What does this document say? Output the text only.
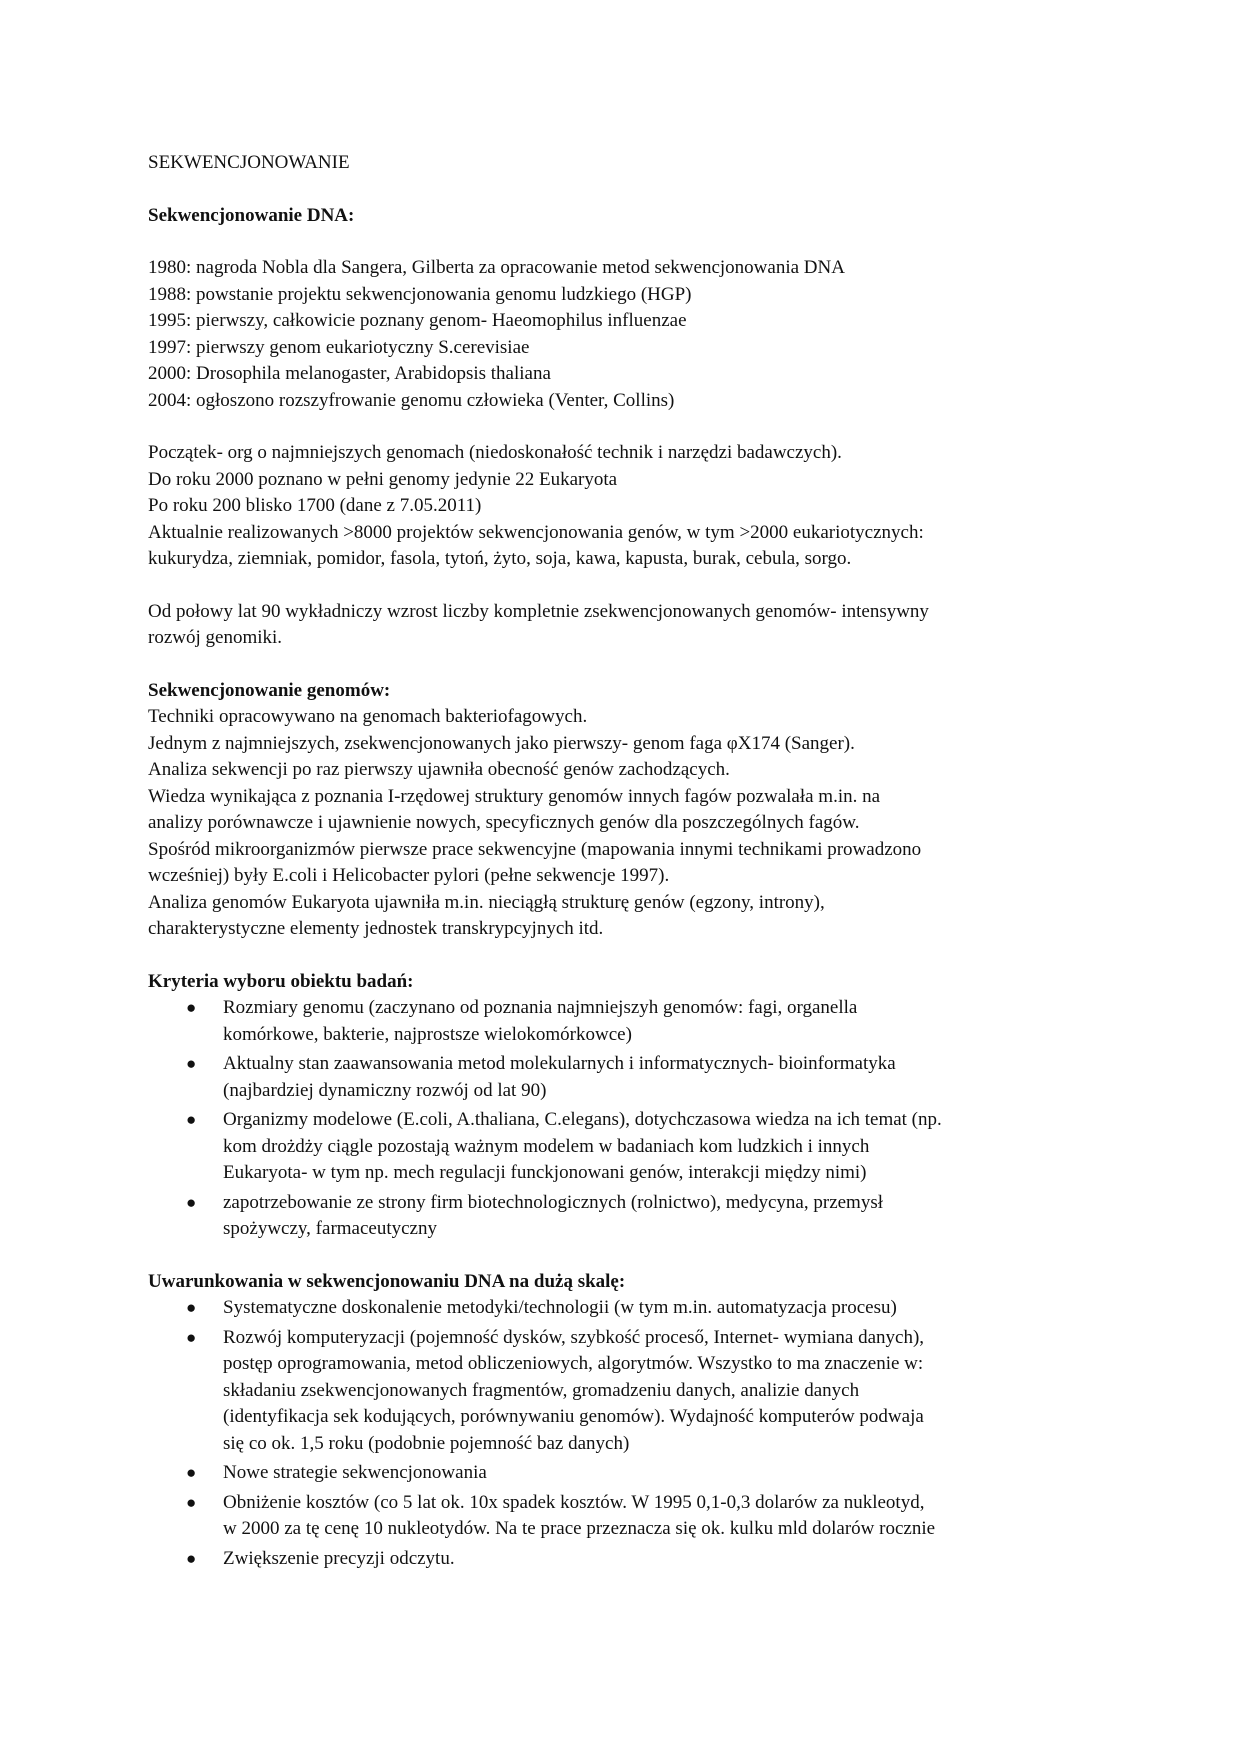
SEKWENCJONOWANIE

Sekwencjonowanie DNA:

1980: nagroda Nobla dla Sangera, Gilberta za opracowanie metod sekwencjonowania DNA

1988: powstanie projektu sekwencjonowania genomu ludzkiego (HGP)

1995: pierwszy, całkowicie poznany genom- Haeomophilus influenzae

1997: pierwszy genom eukariotyczny S.cerevisiae

2000: Drosophila melanogaster, Arabidopsis thaliana

2004: ogłoszono rozszyfrowanie genomu człowieka (Venter, Collins)

Początek- org o najmniejszych genomach (niedoskonałość technik i narzędzi badawczych).

Do roku 2000 poznano w pełni genomy jedynie 22 Eukaryota

Po roku 200 blisko 1700 (dane z 7.05.2011)

Aktualnie realizowanych >8000 projektów sekwencjonowania genów, w tym >2000 eukariotycznych:

kukurydza, ziemniak, pomidor, fasola, tytoń, żyto, soja, kawa, kapusta, burak, cebula, sorgo.

Od połowy lat 90 wykładniczy wzrost liczby kompletnie zsekwencjonowanych genomów- intensywny

rozwój genomiki.

Sekwencjonowanie genomów:

Techniki opracowywano na genomach bakteriofagowych.

Jednym z najmniejszych, zsekwencjonowanych jako pierwszy- genom faga φX174 (Sanger).

Analiza sekwencji po raz pierwszy ujawniła obecność genów zachodzących.

Wiedza wynikająca z poznania I-rzędowej struktury genomów innych fagów pozwalała m.in. na

analizy porównawcze i ujawnienie nowych, specyficznych genów dla poszczególnych fagów.

Spośród mikroorganizmów pierwsze prace sekwencyjne (mapowania innymi technikami prowadzono

wcześniej) były E.coli i Helicobacter pylori (pełne sekwencje 1997).

Analiza genomów Eukaryota ujawniła m.in. nieciągłą strukturę genów (egzony, introny),

charakterystyczne elementy jednostek transkrypcyjnych itd.

Kryteria wyboru obiektu badań:

● Rozmiary genomu (zaczynano od poznania najmniejszyh genomów: fagi, organella
komórkowe, bakterie, najprostsze wielokomórkowce)
● Aktualny stan zaawansowania metod molekularnych i informatycznych- bioinformatyka
(najbardziej dynamiczny rozwój od lat 90)
● Organizmy modelowe (E.coli, A.thaliana, C.elegans), dotychczasowa wiedza na ich temat (np.
kom drożdży ciągle pozostają ważnym modelem w badaniach kom ludzkich i innych
Eukaryota- w tym np. mech regulacji funckjonowani genów, interakcji między nimi)
● zapotrzebowanie ze strony firm biotechnologicznych (rolnictwo), medycyna, przemysł
spożywczy, farmaceutyczny

Uwarunkowania w sekwencjonowaniu DNA na dużą skalę:

● Systematyczne doskonalenie metodyki/technologii (w tym m.in. automatyzacja procesu)
● Rozwój komputeryzacji (pojemność dysków, szybkość proceső, Internet- wymiana danych),
postęp oprogramowania, metod obliczeniowych, algorytmów. Wszystko to ma znaczenie w:
składaniu zsekwencjonowanych fragmentów, gromadzeniu danych, analizie danych
(identyfikacja sek kodujących, porównywaniu genomów). Wydajność komputerów podwaja
się co ok. 1,5 roku (podobnie pojemność baz danych)
● Nowe strategie sekwencjonowania
● Obniżenie kosztów (co 5 lat ok. 10x spadek kosztów. W 1995 0,1-0,3 dolarów za nukleotyd,
w 2000 za tę cenę 10 nukleotydów. Na te prace przeznacza się ok. kulku mld dolarów rocznie
● Zwiększenie precyzji odczytu.
